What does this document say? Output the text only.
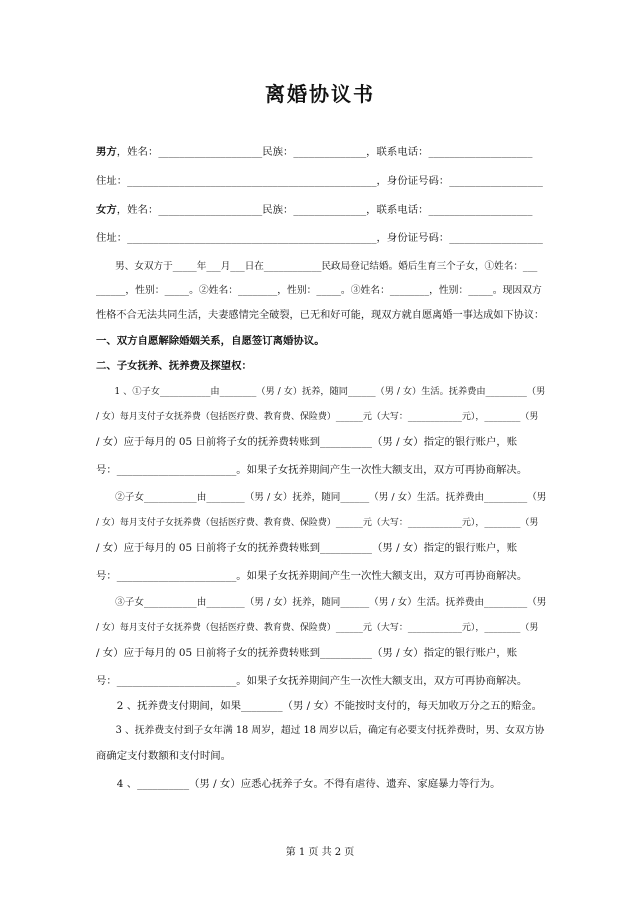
离婚协议书
男方，姓名：____________________民族：______________，联系电话：____________________
住址：________________________________________________，身份证号码：__________________
女方，姓名：____________________民族：______________，联系电话：____________________
住址：________________________________________________，身份证号码：__________________
　　男、女双方于_____年___月___日在____________民政局登记结婚。婚后生育三个子女，①姓名：___
______，性别：_____。②姓名：________，性别：_____。③姓名：________，性别：_____。现因双方
性格不合无法共同生活，夫妻感情完全破裂，已无和好可能，现双方就自愿离婚一事达成如下协议：
一、双方自愿解除婚姻关系，自愿签订离婚协议。
二、子女抚养、抚养费及探望权：
　　1 、①子女___________由________（男 / 女）抚养，随同______（男 / 女）生活。抚养费由_________（男
/ 女）每月支付子女抚养费（包括医疗费、教育费、保险费）______元（大写：____________元），________（男
/ 女）应于每月的 05 日前将子女的抚养费转账到__________（男 / 女）指定的银行账户，账
号：_______________________。如果子女抚养期间产生一次性大额支出，双方可再协商解决。
　　②子女___________由________（男 / 女）抚养，随同______（男 / 女）生活。抚养费由_________（男
/ 女）每月支付子女抚养费（包括医疗费、教育费、保险费）______元（大写：____________元），________（男
/ 女）应于每月的 05 日前将子女的抚养费转账到__________（男 / 女）指定的银行账户，账
号：_______________________。如果子女抚养期间产生一次性大额支出，双方可再协商解决。
　　③子女___________由________（男 / 女）抚养，随同______（男 / 女）生活。抚养费由_________（男
/ 女）每月支付子女抚养费（包括医疗费、教育费、保险费）______元（大写：____________元），________（男
/ 女）应于每月的 05 日前将子女的抚养费转账到__________（男 / 女）指定的银行账户，账
号：_______________________。如果子女抚养期间产生一次性大额支出，双方可再协商解决。
　　2 、抚养费支付期间，如果________（男 / 女）不能按时支付的，每天加收万分之五的赔金。
　　3 、抚养费支付到子女年满 18 周岁，超过 18 周岁以后，确定有必要支付抚养费时，男、女双方协
商确定支付数额和支付时间。
　　4 、__________（男 / 女）应悉心抚养子女。不得有虐待、遗弃、家庭暴力等行为。
第 1 页 共 2 页
